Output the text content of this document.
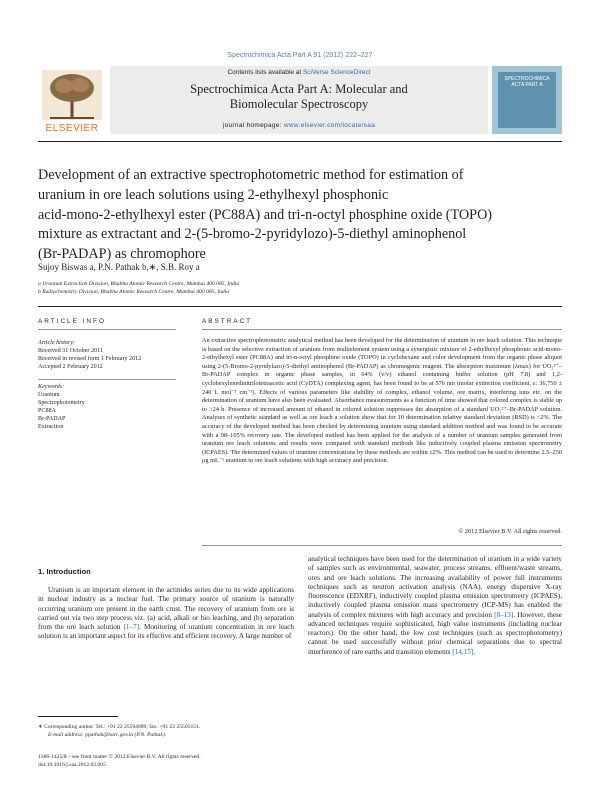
Spectrochimica Acta Part A 91 (2012) 222–227
ELSEVIER
Contents lists available at SciVerse ScienceDirect
Spectrochimica Acta Part A: Molecular and
Biomolecular Spectroscopy
journal homepage: www.elsevier.com/locate/saa
SPECTROCHIMICA ACTA PART A
Development of an extractive spectrophotometric method for estimation of
uranium in ore leach solutions using 2-ethylhexyl phosphonic
acid-mono-2-ethylhexyl ester (PC88A) and tri-n-octyl phosphine oxide (TOPO)
mixture as extractant and 2-(5-bromo-2-pyridylozo)-5-diethyl aminophenol
(Br-PADAP) as chromophore
Sujoy Biswas a, P.N. Pathak b,∗, S.B. Roy a
a Uranium Extraction Division, Bhabha Atomic Research Centre, Mumbai 400 085, India
b Radiochemistry Division, Bhabha Atomic Research Centre, Mumbai 400 085, India
ARTICLE INFO
Article history:
Received 31 October 2011
Received in revised form 1 February 2012
Accepted 2 February 2012
Keywords:
Uranium
Spectrophotometry
PC88A
Br-PADAP
Extraction
ABSTRACT
An extractive spectrophotometric analytical method has been developed for the determination of uranium in ore leach solution. This technique is based on the selective extraction of uranium from multielement system using a synergistic mixture of 2-ethylhexyl phosphonic acid-mono-2-ethylhexyl ester (PC88A) and tri-n-octyl phosphine oxide (TOPO) in cyclohexane and color development from the organic phase aliquot using 2-(5-Bromo-2-pyridylazo)-5-diethyl aminophenol (Br-PADAP) as chromogenic reagent. The absorption maximum (λmax) for UO₂²⁺–Br-PADAP complex in organic phase samples, in 64% (v/v) ethanol containing buffer solution (pH 7.8) and 1,2-cyclohexylenedinitrilotetraacetic acid (CyDTA) complexing agent, has been found to be at 576 nm (molar extinction coefficient, ε: 36,750 ± 240 L mol⁻¹ cm⁻¹). Effects of various parameters like stability of complex, ethanol volume, ore matrix, interfering ions etc. on the determination of uranium have also been evaluated. Absorbance measurements as a function of time showed that colored complex is stable up to >24 h. Presence of increased amount of ethanol in colored solution suppresses the absorption of a standard UO₂²⁺–Br-PADAP solution. Analyses of synthetic standard as well as ore leach a solution show that for 10 determination relative standard deviation (RSD) is <2%. The accuracy of the developed method has been checked by determining uranium using standard addition method and was found to be accurate with a 98–105% recovery rate. The developed method has been applied for the analysis of a number of uranium samples generated from uranium ore leach solutions and results were compared with standard methods like inductively coupled plasma emission spectrometry (ICPAES). The determined values of uranium concentrations by these methods are within ±2%. This method can be used to determine 2.5–250 μg mL⁻¹ uranium in ore leach solutions with high accuracy and precision.
© 2012 Elsevier B.V. All rights reserved.
1. Introduction

Uranium is an important element in the actinides series due to its wide applications in nuclear industry as a nuclear fuel. The primary source of uranium is naturally occurring uranium ore present in the earth crust. The recovery of uranium from ore is carried out via two step process viz. (a) acid, alkali or bio leaching, and (b) separation from the ore leach solution [1–7]. Monitoring of uranium concentration in ore leach solution is an important aspect for its effective and efficient recovery. A large number of

analytical techniques have been used for the determination of uranium in a wide variety of samples such as environmental, seawater, process streams, effluent/waste streams, ores and ore leach solutions. The increasing availability of power full instruments techniques such as neutron activation analysis (NAA), energy dispersive X-ray fluorescence (EDXRF), inductively coupled plasma emission spectrometry (ICPAES), inductively coupled plasma emission mass spectrometry (ICP-MS) has enabled the analysis of complex mixtures with high accuracy and precision [8–13]. However, these advanced techniques require sophisticated, high value instruments (including nuclear reactors). On the other hand, the low cost techniques (such as spectrophotometry) cannot be used successfully without prior chemical separations due to spectral interference of rare earths and transition elements [14,15].

∗ Corresponding author. Tel.: +91 22 25594089; fax: +91 22 25505151.
E-mail address: ppathak@barc.gov.in (P.N. Pathak).
1386-1425/$ – see front matter © 2012 Elsevier B.V. All rights reserved.
doi:10.1016/j.saa.2012.02.005
